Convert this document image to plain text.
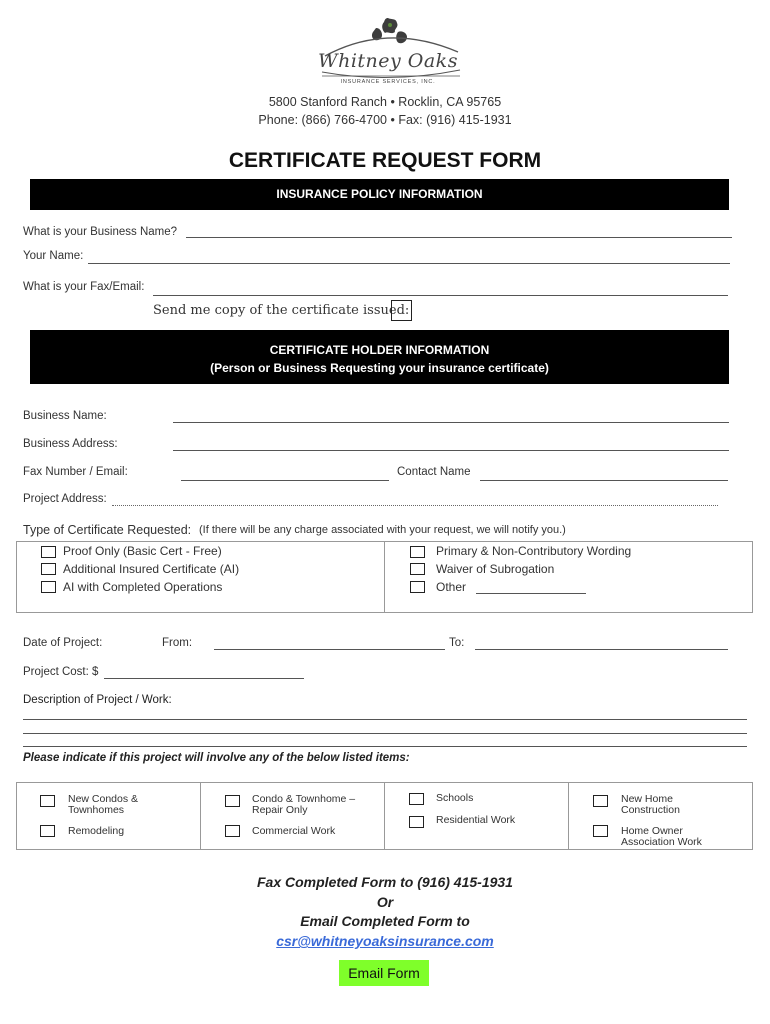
Whitney Oaks
INSURANCE SERVICES, INC.
5800 Stanford Ranch • Rocklin, CA 95765
Phone: (866) 766-4700 • Fax: (916) 415-1931
CERTIFICATE REQUEST FORM
INSURANCE POLICY INFORMATION
What is your Business Name?
Your Name:
What is your Fax/Email:
Send me copy of the certificate issued:
CERTIFICATE HOLDER INFORMATION
(Person or Business Requesting your insurance certificate)
Business Name:
Business Address:
Fax Number / Email:	Contact Name
Project Address:
Type of Certificate Requested: (If there will be any charge associated with your request, we will notify you.)
Proof Only (Basic Cert - Free)
Additional Insured Certificate (AI)
AI with Completed Operations
Primary & Non-Contributory Wording
Waiver of Subrogation
Other
Date of Project:	From:	To:
Project Cost: $
Description of Project / Work:
Please indicate if this project will involve any of the below listed items:
New Condos &
Townhomes
Remodeling
Condo & Townhome –
Repair Only
Commercial Work
Schools
Residential Work
New Home
Construction
Home Owner
Association Work
Fax Completed Form to (916) 415-1931
Or
Email Completed Form to
csr@whitneyoaksinsurance.com
Email Form
